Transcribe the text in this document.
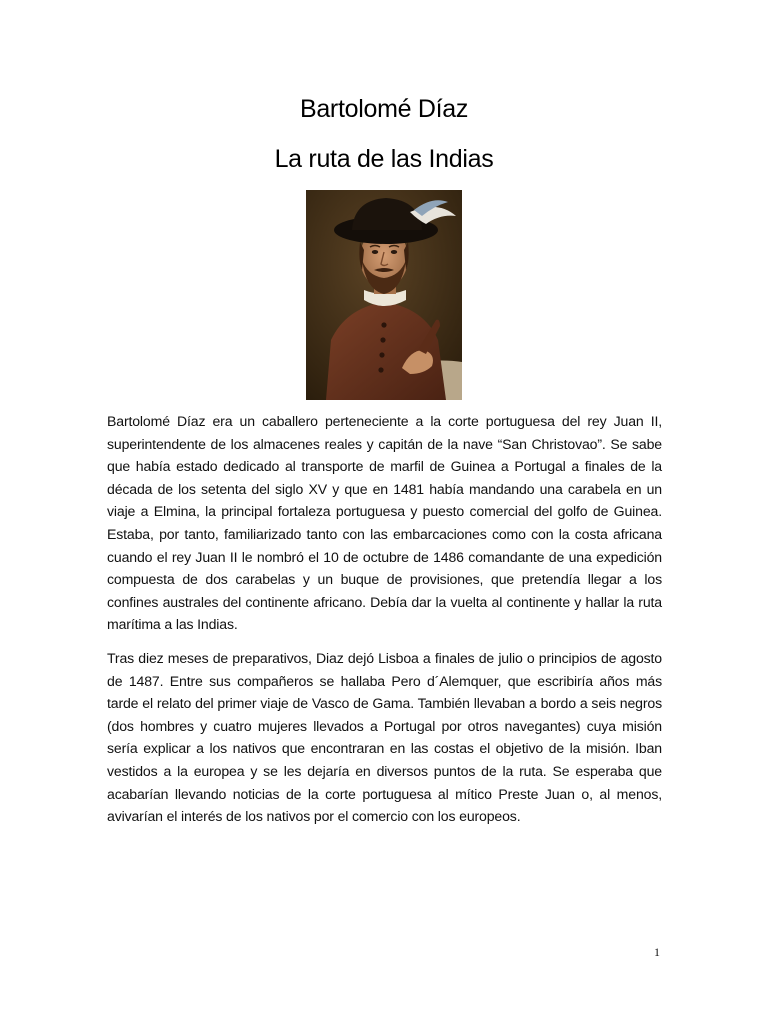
Bartolomé Díaz
La ruta de las Indias
Bartolomé Díaz era un caballero perteneciente a la corte portuguesa del rey Juan II, superintendente de los almacenes reales y capitán de la nave “San Christovao”. Se sabe que había estado dedicado al transporte de marfil de Guinea a Portugal a finales de la década de los setenta del siglo XV y que en 1481 había mandando una carabela en un viaje a Elmina, la principal fortaleza portuguesa y puesto comercial del golfo de Guinea. Estaba, por tanto, familiarizado tanto con las embarcaciones como con la costa africana cuando el rey Juan II le nombró el 10 de octubre de 1486 comandante de una expedición compuesta de dos carabelas y un buque de provisiones, que pretendía llegar a los confines australes del continente africano. Debía dar la vuelta al continente y hallar la ruta marítima a las Indias.
Tras diez meses de preparativos, Diaz dejó Lisboa a finales de julio o principios de agosto de 1487. Entre sus compañeros se hallaba Pero d´Alemquer, que escribiría años más tarde el relato del primer viaje de Vasco de Gama. También llevaban a bordo a seis negros (dos hombres y cuatro mujeres llevados a Portugal por otros navegantes) cuya misión sería explicar a los nativos que encontraran en las costas el objetivo de la misión. Iban vestidos a la europea y se les dejaría en diversos puntos de la ruta. Se esperaba que acabarían llevando noticias de la corte portuguesa al mítico Preste Juan o, al menos, avivarían el interés de los nativos por el comercio con los europeos.
1
